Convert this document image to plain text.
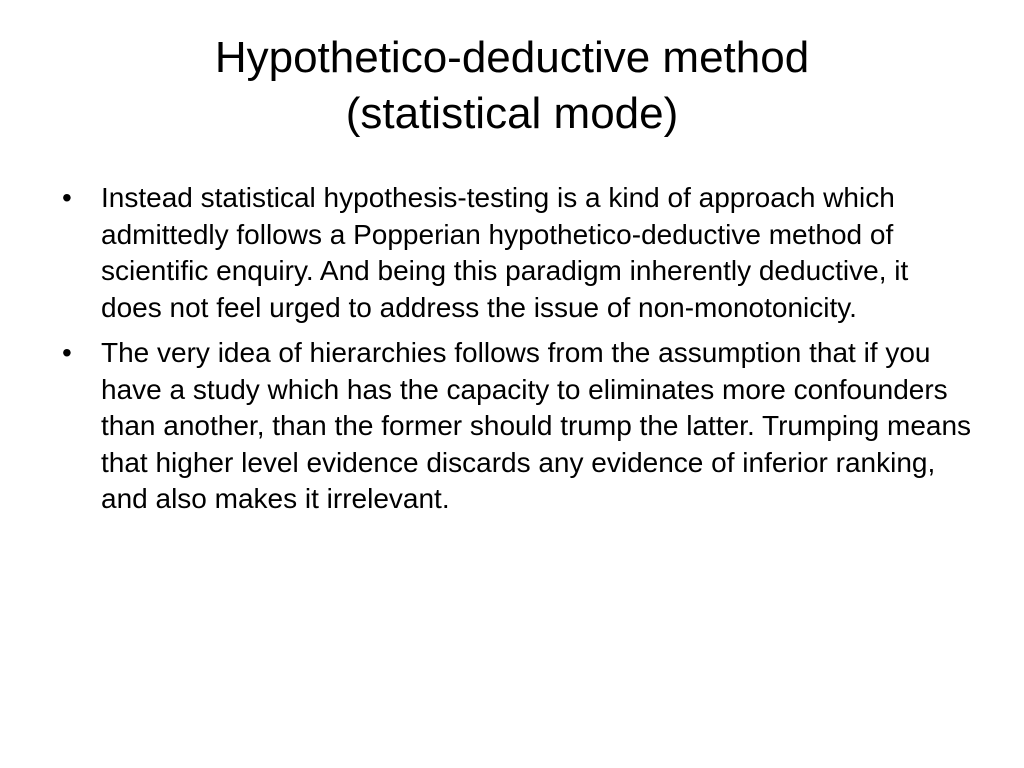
Hypothetico-deductive method
(statistical mode)
•	Instead statistical hypothesis-testing is a kind of approach which admittedly follows a Popperian hypothetico-deductive method of scientific enquiry. And being this paradigm inherently deductive, it does not feel urged to address the issue of non-monotonicity.
•	The very idea of hierarchies follows from the assumption that if you have a study which has the capacity to eliminates more confounders than another, than the former should trump the latter. Trumping means that higher level evidence discards any evidence of inferior ranking, and also makes it irrelevant.
